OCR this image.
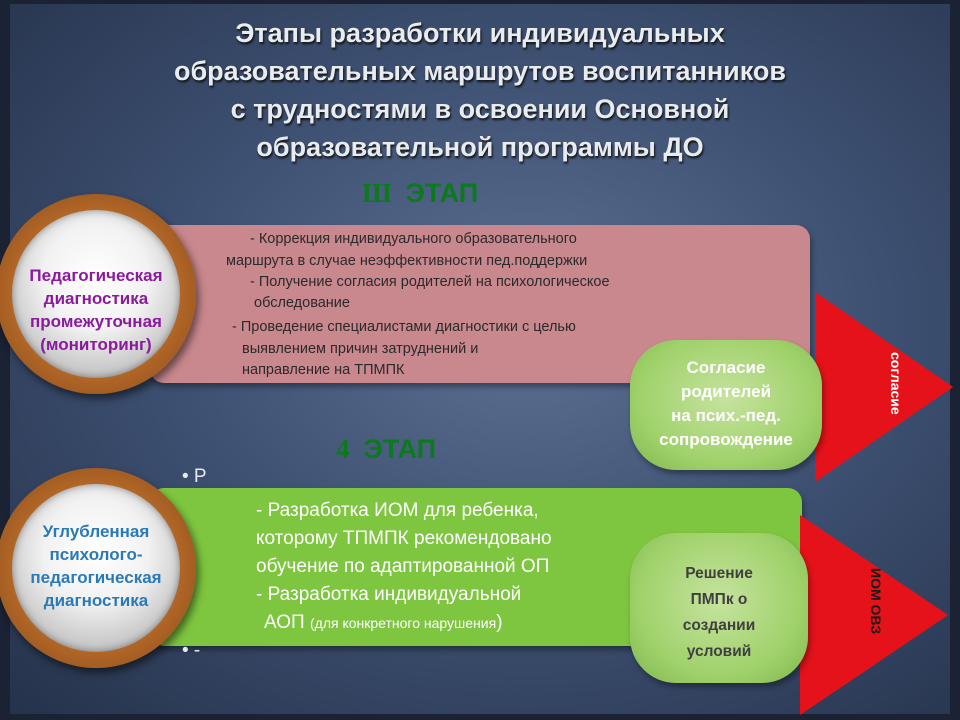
Этапы разработки индивидуальных
образовательных маршрутов воспитанников
с трудностями в освоении Основной
образовательной программы ДО
Ш ЭТАП
- Коррекция индивидуального образовательного
маршрута в случае неэффективности пед.поддержки
- Получение согласия родителей на психологическое
обследование
- Проведение специалистами диагностики с целью
выявлением причин затруднений и
направление на ТПМПК
Педагогическая
диагностика
промежуточная
(мониторинг)
согласие
Согласие
родителей
на псих.-пед.
сопровождение
4 ЭТАП
• Р
- Разработка ИОМ для ребенка,
которому ТПМПК рекомендовано
обучение по адаптированной ОП
- Разработка индивидуальной
АОП (для конкретного нарушения)
• -
Углубленная
психолого-
педагогическая
диагностика	ИОМ ОВЗ
Решение
ПМПк о
создании
условий
